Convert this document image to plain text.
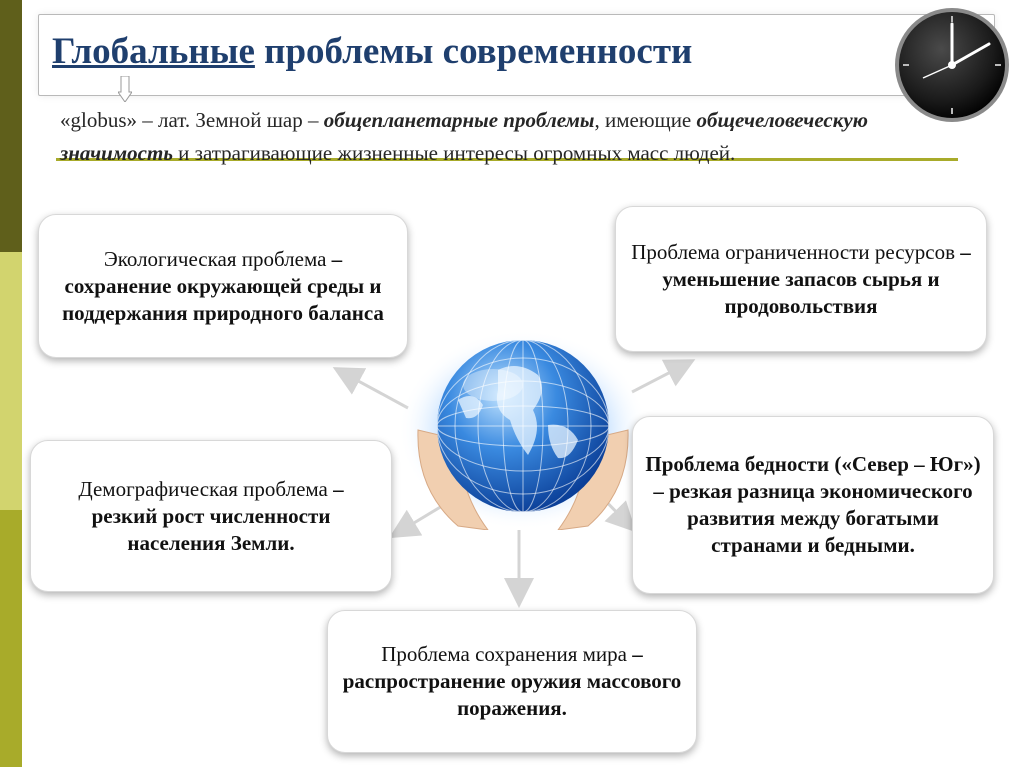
Глобальные проблемы современности

«globus» – лат. Земной шар – общепланетарные проблемы, имеющие общечеловеческую значимость и затрагивающие жизненные интересы огромных масс людей.

Экологическая проблема – сохранение окружающей среды и поддержания природного баланса

Проблема ограниченности ресурсов – уменьшение запасов сырья и продовольствия

Демографическая проблема – резкий рост численности населения Земли.

Проблема бедности («Север – Юг») – резкая разница экономического развития между богатыми странами и бедными.

Проблема сохранения мира – распространение оружия массового поражения.
